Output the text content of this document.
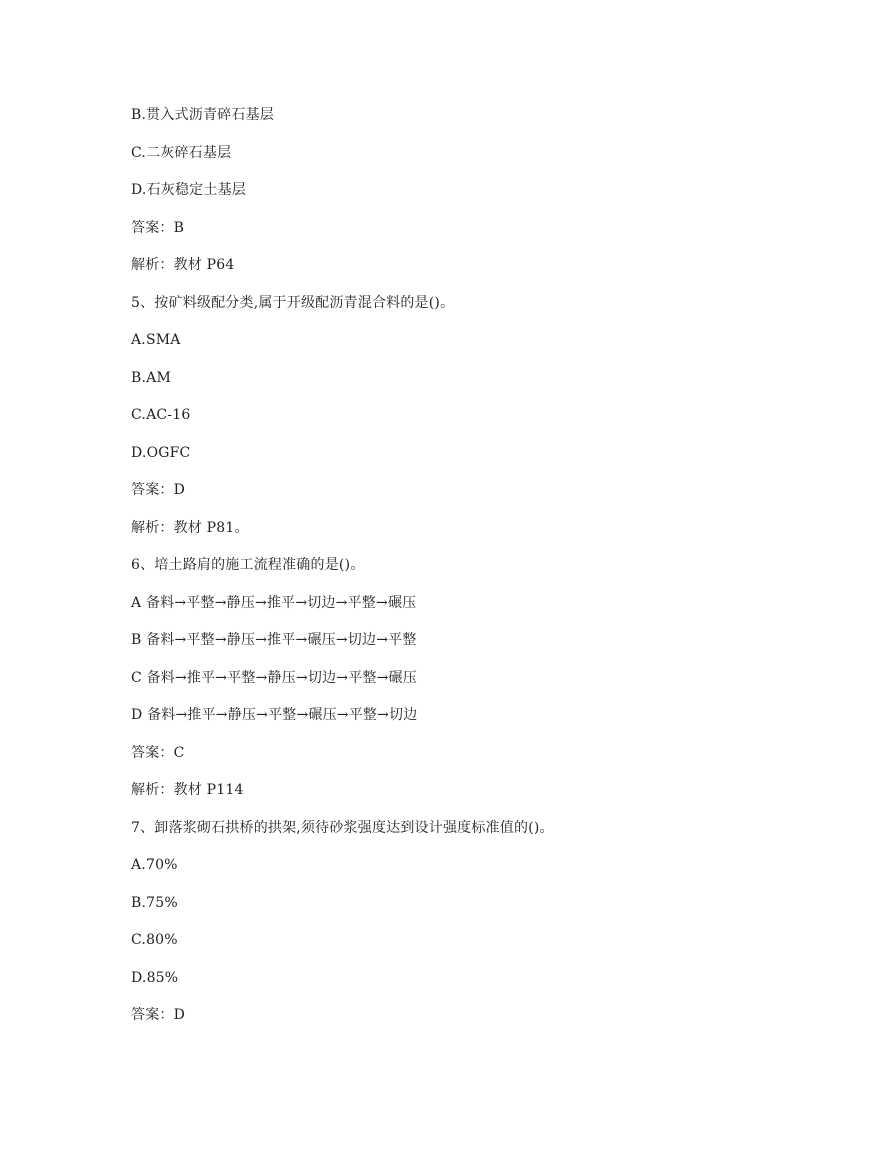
B.贯入式沥青碎石基层
C.二灰碎石基层
D.石灰稳定土基层
答案：B
解析：教材 P64
5、按矿料级配分类,属于开级配沥青混合料的是()。
A.SMA
B.AM
C.AC-16
D.OGFC
答案：D
解析：教材 P81。
6、培土路肩的施工流程准确的是()。
A 备料→平整→静压→推平→切边→平整→碾压
B 备料→平整→静压→推平→碾压→切边→平整
C 备料→推平→平整→静压→切边→平整→碾压
D 备料→推平→静压→平整→碾压→平整→切边
答案：C
解析：教材 P114
7、卸落浆砌石拱桥的拱架,须待砂浆强度达到设计强度标准值的()。
A.70%
B.75%
C.80%
D.85%
答案：D
